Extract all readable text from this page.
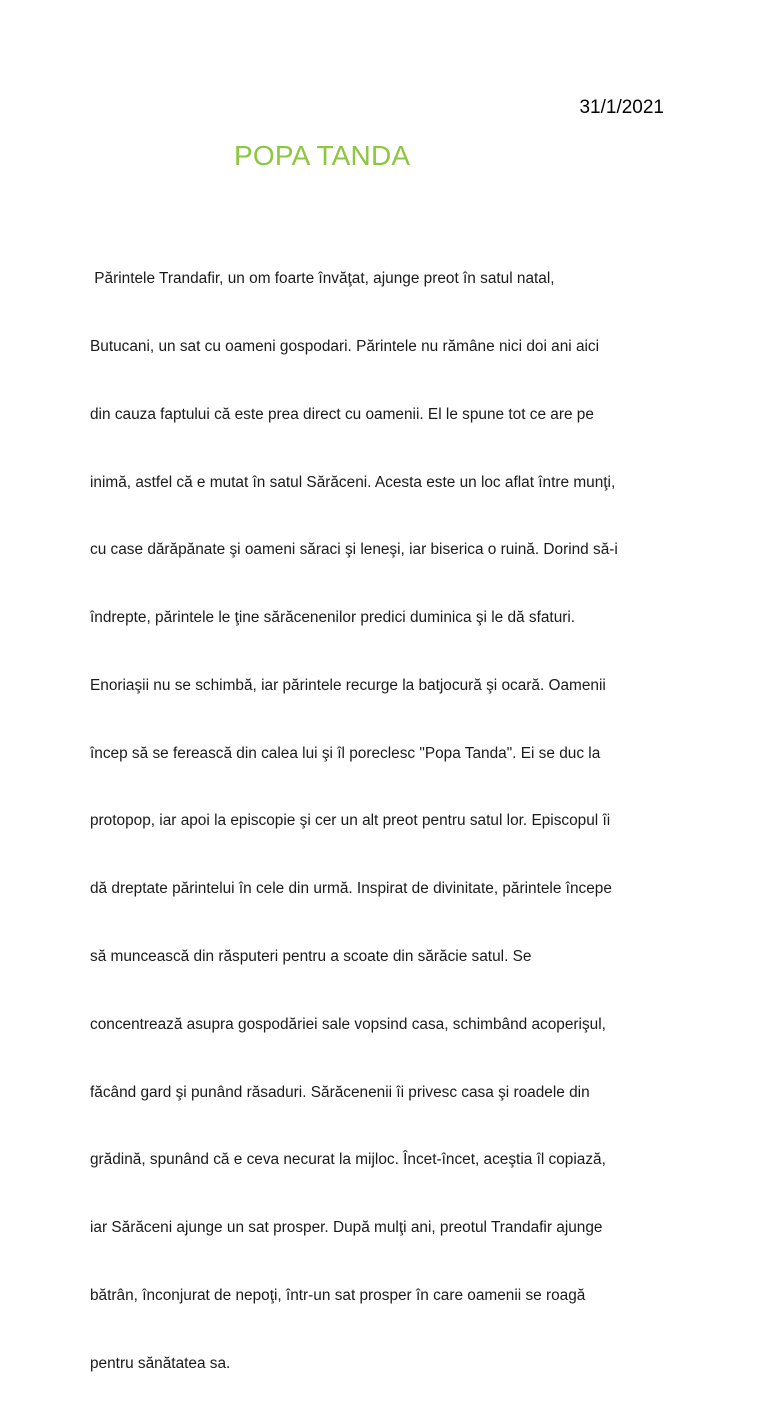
31/1/2021
POPA TANDA

Părintele Trandafir, un om foarte învăţat, ajunge preot în satul natal,

Butucani, un sat cu oameni gospodari. Părintele nu rămâne nici doi ani aici

din cauza faptului că este prea direct cu oamenii. El le spune tot ce are pe

inimă, astfel că e mutat în satul Sărăceni. Acesta este un loc aflat între munţi,

cu case dărăpănate şi oameni săraci şi leneşi, iar biserica o ruină. Dorind să-i

îndrepte, părintele le ţine sărăcenenilor predici duminica şi le dă sfaturi.

Enoriaşii nu se schimbă, iar părintele recurge la batjocură şi ocară. Oamenii

încep să se ferească din calea lui şi îl poreclesc "Popa Tanda". Ei se duc la

protopop, iar apoi la episcopie şi cer un alt preot pentru satul lor. Episcopul îi

dă dreptate părintelui în cele din urmă. Inspirat de divinitate, părintele începe

să muncească din răsputeri pentru a scoate din sărăcie satul. Se

concentrează asupra gospodăriei sale vopsind casa, schimbând acoperişul,

făcând gard şi punând răsaduri. Sărăcenenii îi privesc casa şi roadele din

grădină, spunând că e ceva necurat la mijloc. Încet-încet, aceştia îl copiază,

iar Sărăceni ajunge un sat prosper. După mulţi ani, preotul Trandafir ajunge

bătrân, înconjurat de nepoţi, într-un sat prosper în care oamenii se roagă

pentru sănătatea sa.
